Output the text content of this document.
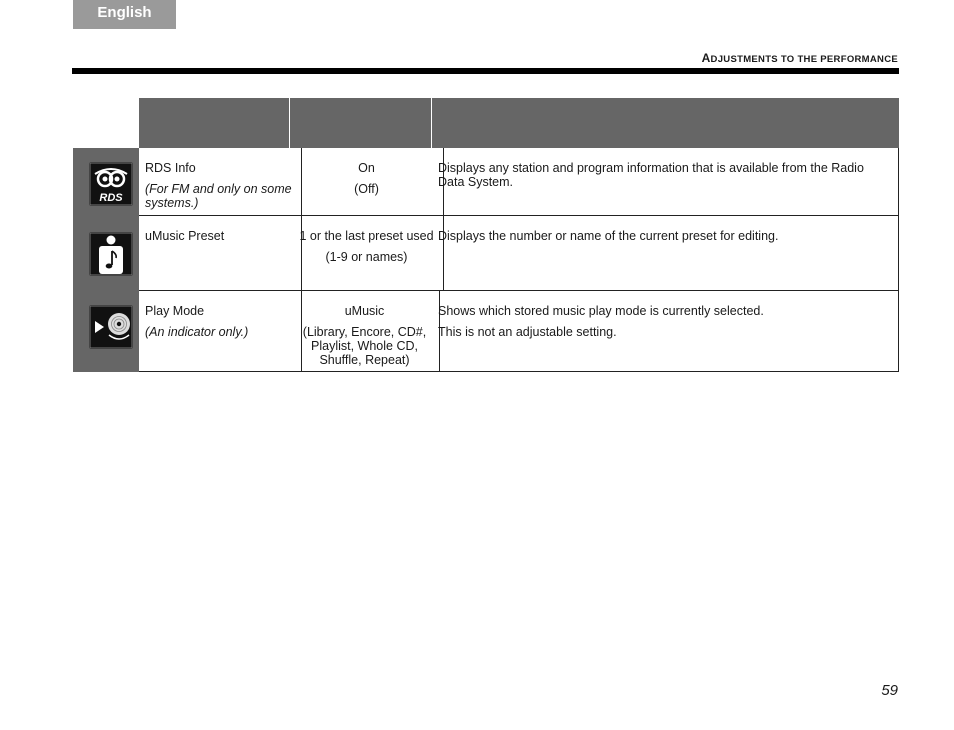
English
ADJUSTMENTS TO THE PERFORMANCE

RDS Info

(For FM and only on some systems.)

On

(Off)

Displays any station and program information that is available from the Radio Data System.

uMusic Preset	1 or the last preset used

(1-9 or names)

Displays the number or name of the current preset for editing.

Play Mode

(An indicator only.)

uMusic

(Library, Encore, CD#, Playlist, Whole CD, Shuffle, Repeat)

Shows which stored music play mode is currently selected.

This is not an adjustable setting.

RDS
59
